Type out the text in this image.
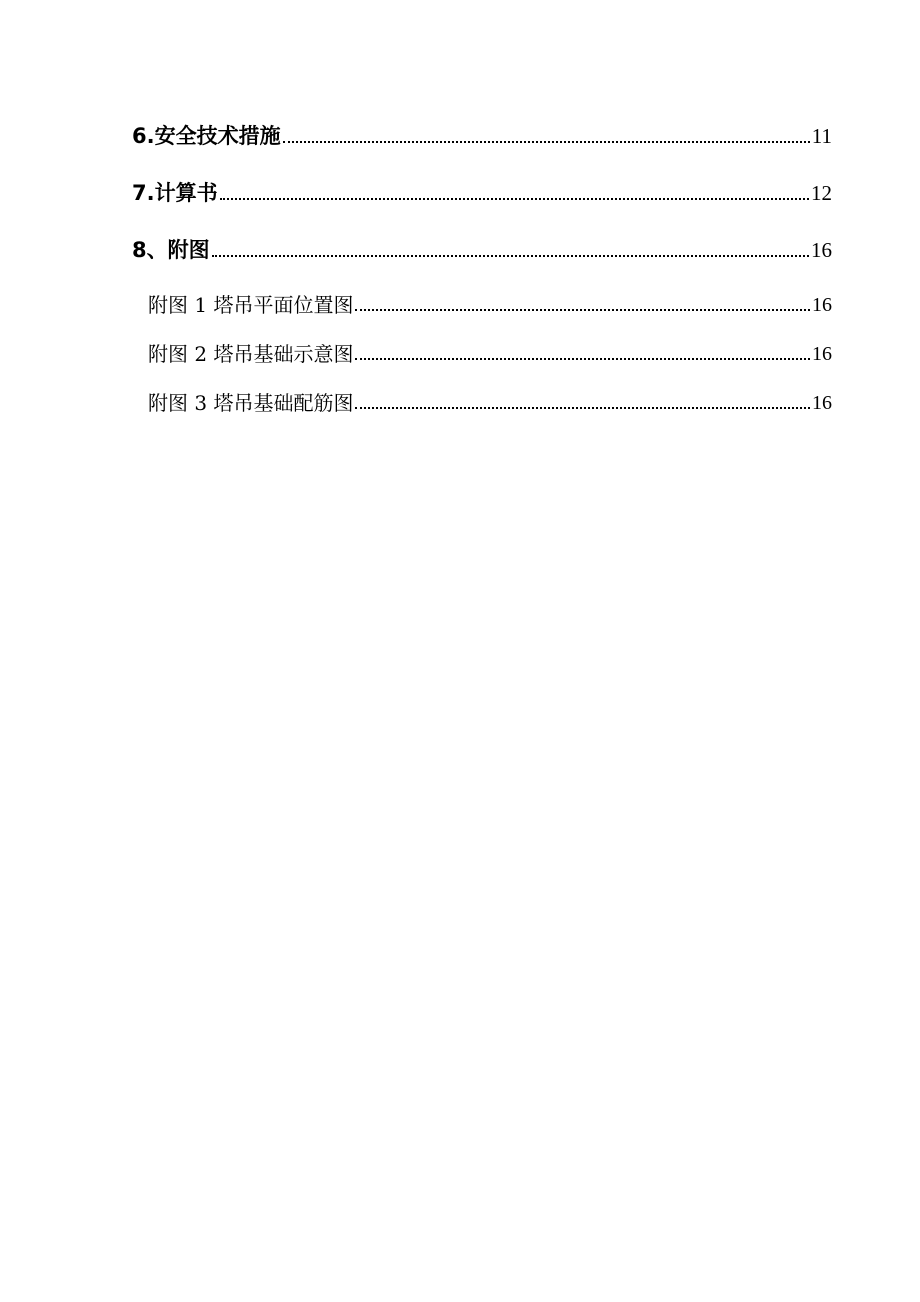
6.安全技术措施	11
7.计算书	12
8、附图	16
附图 1 塔吊平面位置图	16
附图 2 塔吊基础示意图	16
附图 3 塔吊基础配筋图	16
